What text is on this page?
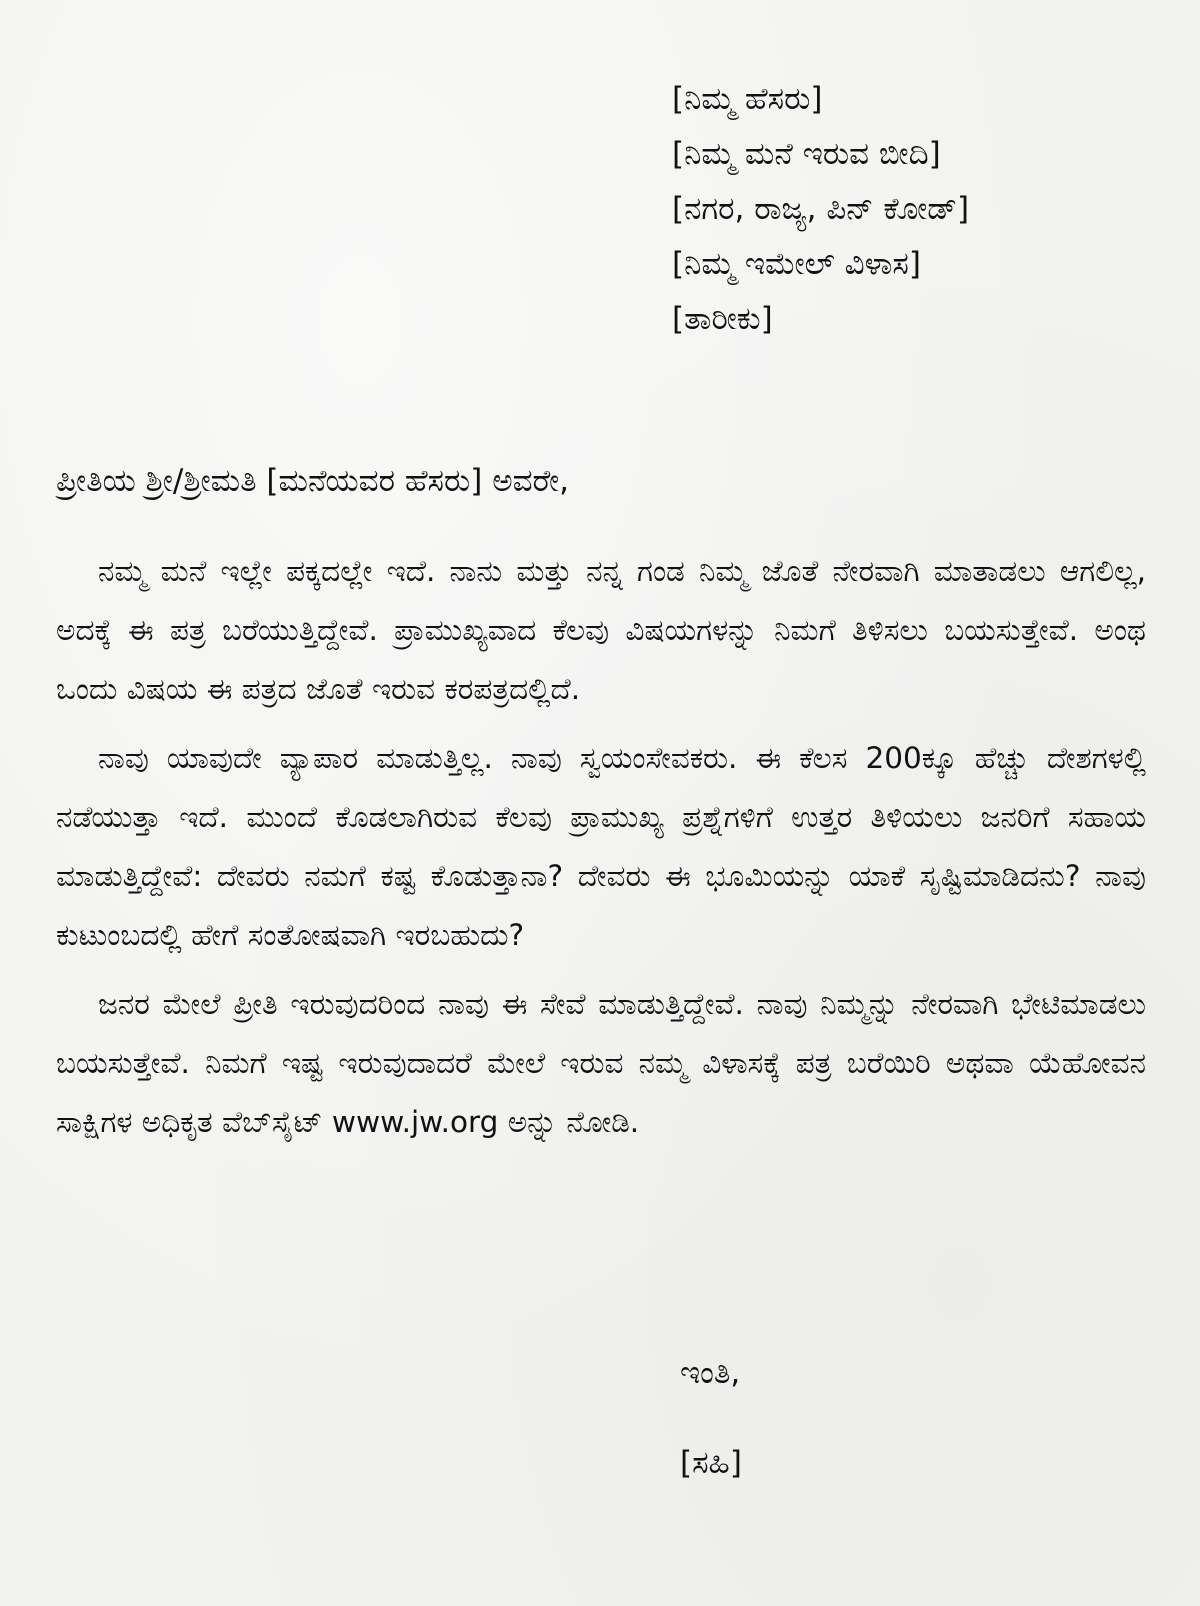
[ನಿಮ್ಮ ಹೆಸರು]
[ನಿಮ್ಮ ಮನೆ ಇರುವ ಬೀದಿ]
[ನಗರ, ರಾಜ್ಯ, ಪಿನ್ ಕೋಡ್]
[ನಿಮ್ಮ ಇಮೇಲ್ ವಿಳಾಸ]
[ತಾರೀಕು]
ಪ್ರೀತಿಯ ಶ್ರೀ/ಶ್ರೀಮತಿ [ಮನೆಯವರ ಹೆಸರು] ಅವರೇ,

ನಮ್ಮ ಮನೆ ಇಲ್ಲೇ ಪಕ್ಕದಲ್ಲೇ ಇದೆ. ನಾನು ಮತ್ತು ನನ್ನ ಗಂಡ ನಿಮ್ಮ ಜೊತೆ ನೇರವಾಗಿ ಮಾತಾಡಲು ಆಗಲಿಲ್ಲ, ಅದಕ್ಕೆ ಈ ಪತ್ರ ಬರೆಯುತ್ತಿದ್ದೇವೆ. ಪ್ರಾಮುಖ್ಯವಾದ ಕೆಲವು ವಿಷಯಗಳನ್ನು ನಿಮಗೆ ತಿಳಿಸಲು ಬಯಸುತ್ತೇವೆ. ಅಂಥ ಒಂದು ವಿಷಯ ಈ ಪತ್ರದ ಜೊತೆ ಇರುವ ಕರಪತ್ರದಲ್ಲಿದೆ.

ನಾವು ಯಾವುದೇ ವ್ಯಾಪಾರ ಮಾಡುತ್ತಿಲ್ಲ. ನಾವು ಸ್ವಯಂಸೇವಕರು. ಈ ಕೆಲಸ 200ಕ್ಕೂ ಹೆಚ್ಚು ದೇಶಗಳಲ್ಲಿ ನಡೆಯುತ್ತಾ ಇದೆ. ಮುಂದೆ ಕೊಡಲಾಗಿರುವ ಕೆಲವು ಪ್ರಾಮುಖ್ಯ ಪ್ರಶ್ನೆಗಳಿಗೆ ಉತ್ತರ ತಿಳಿಯಲು ಜನರಿಗೆ ಸಹಾಯ ಮಾಡುತ್ತಿದ್ದೇವೆ: ದೇವರು ನಮಗೆ ಕಷ್ಟ ಕೊಡುತ್ತಾನಾ? ದೇವರು ಈ ಭೂಮಿಯನ್ನು ಯಾಕೆ ಸೃಷ್ಟಿಮಾಡಿದನು? ನಾವು ಕುಟುಂಬದಲ್ಲಿ ಹೇಗೆ ಸಂತೋಷವಾಗಿ ಇರಬಹುದು?

ಜನರ ಮೇಲೆ ಪ್ರೀತಿ ಇರುವುದರಿಂದ ನಾವು ಈ ಸೇವೆ ಮಾಡುತ್ತಿದ್ದೇವೆ. ನಾವು ನಿಮ್ಮನ್ನು ನೇರವಾಗಿ ಭೇಟಿಮಾಡಲು ಬಯಸುತ್ತೇವೆ. ನಿಮಗೆ ಇಷ್ಟ ಇರುವುದಾದರೆ ಮೇಲೆ ಇರುವ ನಮ್ಮ ವಿಳಾಸಕ್ಕೆ ಪತ್ರ ಬರೆಯಿರಿ ಅಥವಾ ಯೆಹೋವನ ಸಾಕ್ಷಿಗಳ ಅಧಿಕೃತ ವೆಬ್‌ಸೈಟ್ www.jw.org ಅನ್ನು ನೋಡಿ.

ಇಂತಿ,
[ಸಹಿ]
